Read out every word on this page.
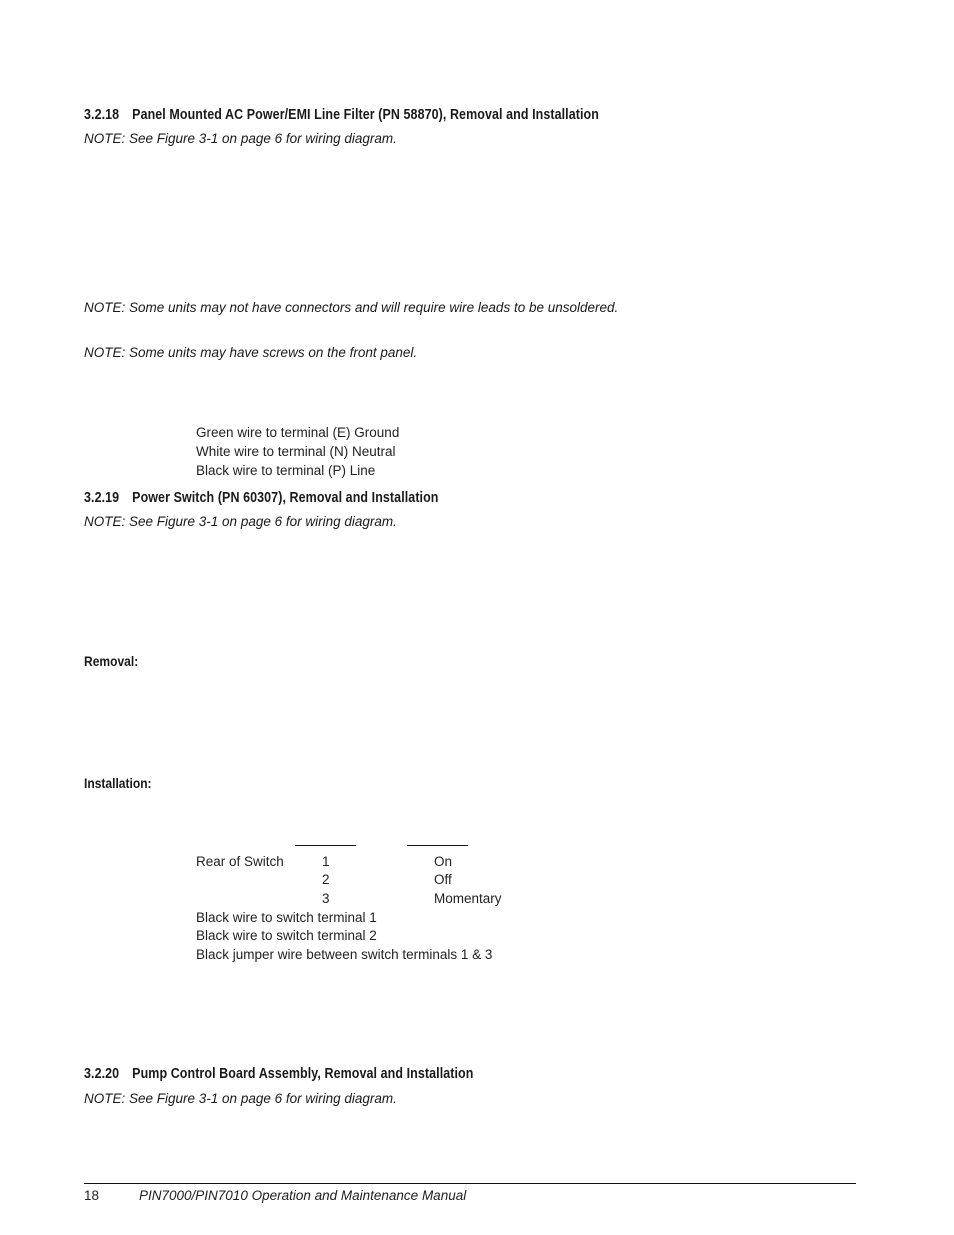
3.2.18 Panel Mounted AC Power/EMI Line Filter (PN 58870), Removal and Installation
NOTE: See Figure 3-1 on page 6 for wiring diagram.
NOTE: Some units may not have connectors and will require wire leads to be unsoldered.
NOTE: Some units may have screws on the front panel.
Green wire to terminal (E) Ground
White wire to terminal (N) Neutral
Black wire to terminal (P) Line
3.2.19 Power Switch (PN 60307), Removal and Installation
NOTE: See Figure 3-1 on page 6 for wiring diagram.
Removal:
Installation:
Rear of Switch	1
2
3
On
Off
Momentary
Black wire to switch terminal 1
Black wire to switch terminal 2
Black jumper wire between switch terminals 1 & 3
3.2.20 Pump Control Board Assembly, Removal and Installation
NOTE: See Figure 3-1 on page 6 for wiring diagram.
18	PIN7000/PIN7010 Operation and Maintenance Manual
